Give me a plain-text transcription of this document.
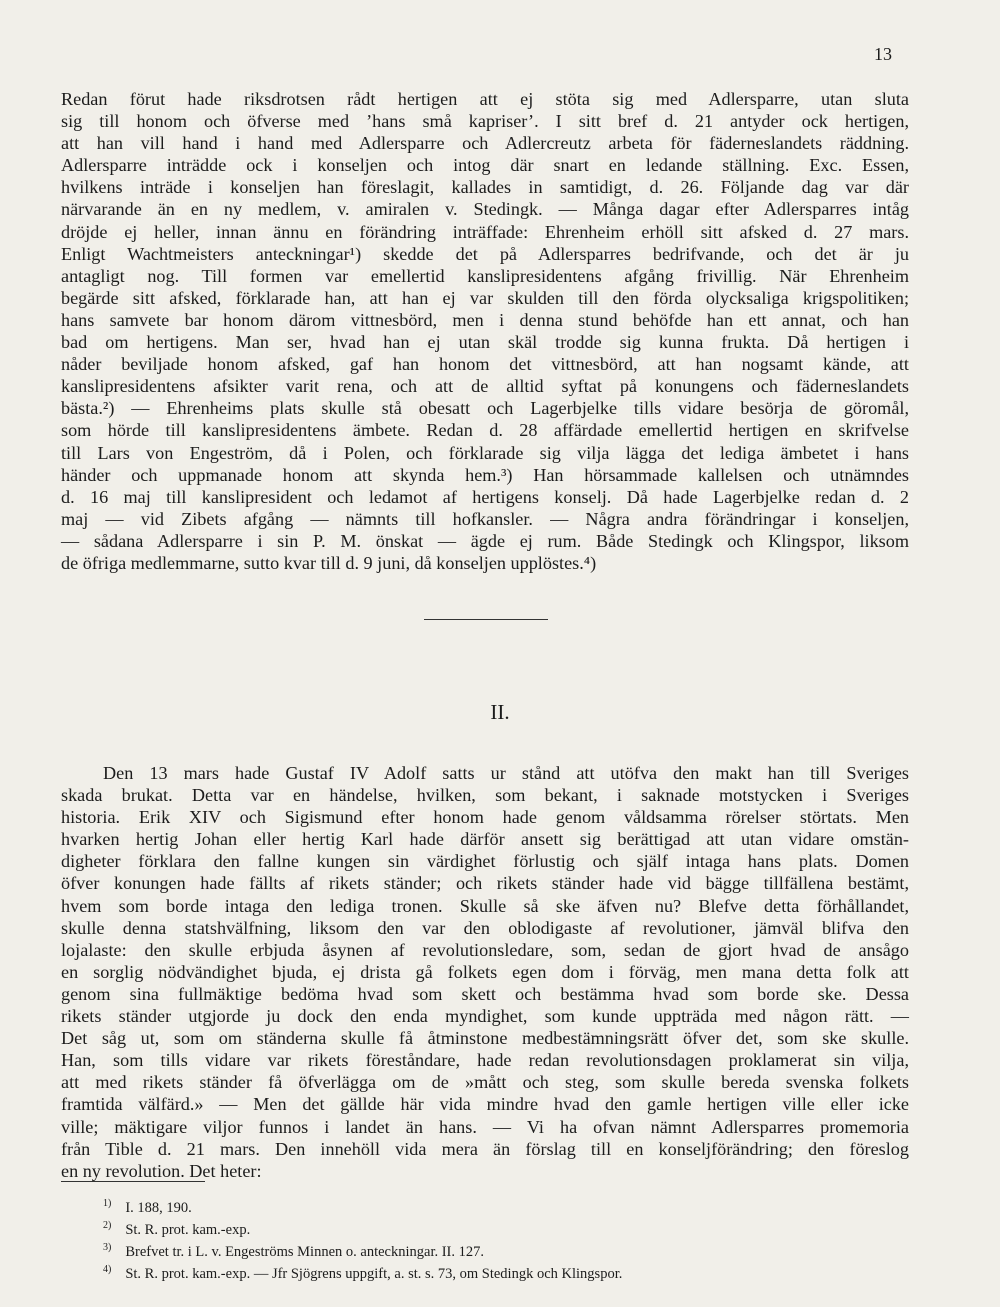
13
Redan förut hade riksdrotsen rådt hertigen att ej stöta sig med Adlersparre, utan sluta
sig till honom och öfverse med ’hans små kapriser’. I sitt bref d. 21 antyder ock hertigen,
att han vill hand i hand med Adlersparre och Adlercreutz arbeta för fäderneslandets räddning.
Adlersparre inträdde ock i konseljen och intog där snart en ledande ställning. Exc. Essen,
hvilkens inträde i konseljen han föreslagit, kallades in samtidigt, d. 26. Följande dag var där
närvarande än en ny medlem, v. amiralen v. Stedingk. — Många dagar efter Adlersparres intåg
dröjde ej heller, innan ännu en förändring inträffade: Ehrenheim erhöll sitt afsked d. 27 mars.
Enligt Wachtmeisters anteckningar¹) skedde det på Adlersparres bedrifvande, och det är ju
antagligt nog. Till formen var emellertid kanslipresidentens afgång frivillig. När Ehrenheim
begärde sitt afsked, förklarade han, att han ej var skulden till den förda olycksaliga krigspolitiken;
hans samvete bar honom därom vittnesbörd, men i denna stund behöfde han ett annat, och han
bad om hertigens. Man ser, hvad han ej utan skäl trodde sig kunna frukta. Då hertigen i
nåder beviljade honom afsked, gaf han honom det vittnesbörd, att han nogsamt kände, att
kanslipresidentens afsikter varit rena, och att de alltid syftat på konungens och fäderneslandets
bästa.²) — Ehrenheims plats skulle stå obesatt och Lagerbjelke tills vidare besörja de göromål,
som hörde till kanslipresidentens ämbete. Redan d. 28 affärdade emellertid hertigen en skrifvelse
till Lars von Engeström, då i Polen, och förklarade sig vilja lägga det lediga ämbetet i hans
händer och uppmanade honom att skynda hem.³) Han hörsammade kallelsen och utnämndes
d. 16 maj till kanslipresident och ledamot af hertigens konselj. Då hade Lagerbjelke redan d. 2
maj — vid Zibets afgång — nämnts till hofkansler. — Några andra förändringar i konseljen,
— sådana Adlersparre i sin P. M. önskat — ägde ej rum. Både Stedingk och Klingspor, liksom
de öfriga medlemmarne, sutto kvar till d. 9 juni, då konseljen upplöstes.⁴)
II.
Den 13 mars hade Gustaf IV Adolf satts ur stånd att utöfva den makt han till Sveriges
skada brukat. Detta var en händelse, hvilken, som bekant, i saknade motstycken i Sveriges
historia. Erik XIV och Sigismund efter honom hade genom våldsamma rörelser störtats. Men
hvarken hertig Johan eller hertig Karl hade därför ansett sig berättigad att utan vidare omstän-
digheter förklara den fallne kungen sin värdighet förlustig och själf intaga hans plats. Domen
öfver konungen hade fällts af rikets ständer; och rikets ständer hade vid bägge tillfällena bestämt,
hvem som borde intaga den lediga tronen. Skulle så ske äfven nu? Blefve detta förhållandet,
skulle denna statshvälfning, liksom den var den oblodigaste af revolutioner, jämväl blifva den
lojalaste: den skulle erbjuda åsynen af revolutionsledare, som, sedan de gjort hvad de ansågo
en sorglig nödvändighet bjuda, ej drista gå folkets egen dom i förväg, men mana detta folk att
genom sina fullmäktige bedöma hvad som skett och bestämma hvad som borde ske. Dessa
rikets ständer utgjorde ju dock den enda myndighet, som kunde uppträda med någon rätt. —
Det såg ut, som om ständerna skulle få åtminstone medbestämningsrätt öfver det, som ske skulle.
Han, som tills vidare var rikets föreståndare, hade redan revolutionsdagen proklamerat sin vilja,
att med rikets ständer få öfverlägga om de »mått och steg, som skulle bereda svenska folkets
framtida välfärd.» — Men det gällde här vida mindre hvad den gamle hertigen ville eller icke
ville; mäktigare viljor funnos i landet än hans. — Vi ha ofvan nämnt Adlersparres promemoria
från Tible d. 21 mars. Den innehöll vida mera än förslag till en konseljförändring; den föreslog
en ny revolution. Det heter:
$^{1)}$ I. 188, 190.
$^{2)}$ St. R. prot. kam.-exp.
$^{3)}$ Brefvet tr. i L. v. Engeströms Minnen o. anteckningar. II. 127.
$^{4)}$ St. R. prot. kam.-exp. — Jfr Sjögrens uppgift, a. st. s. 73, om Stedingk och Klingspor.
